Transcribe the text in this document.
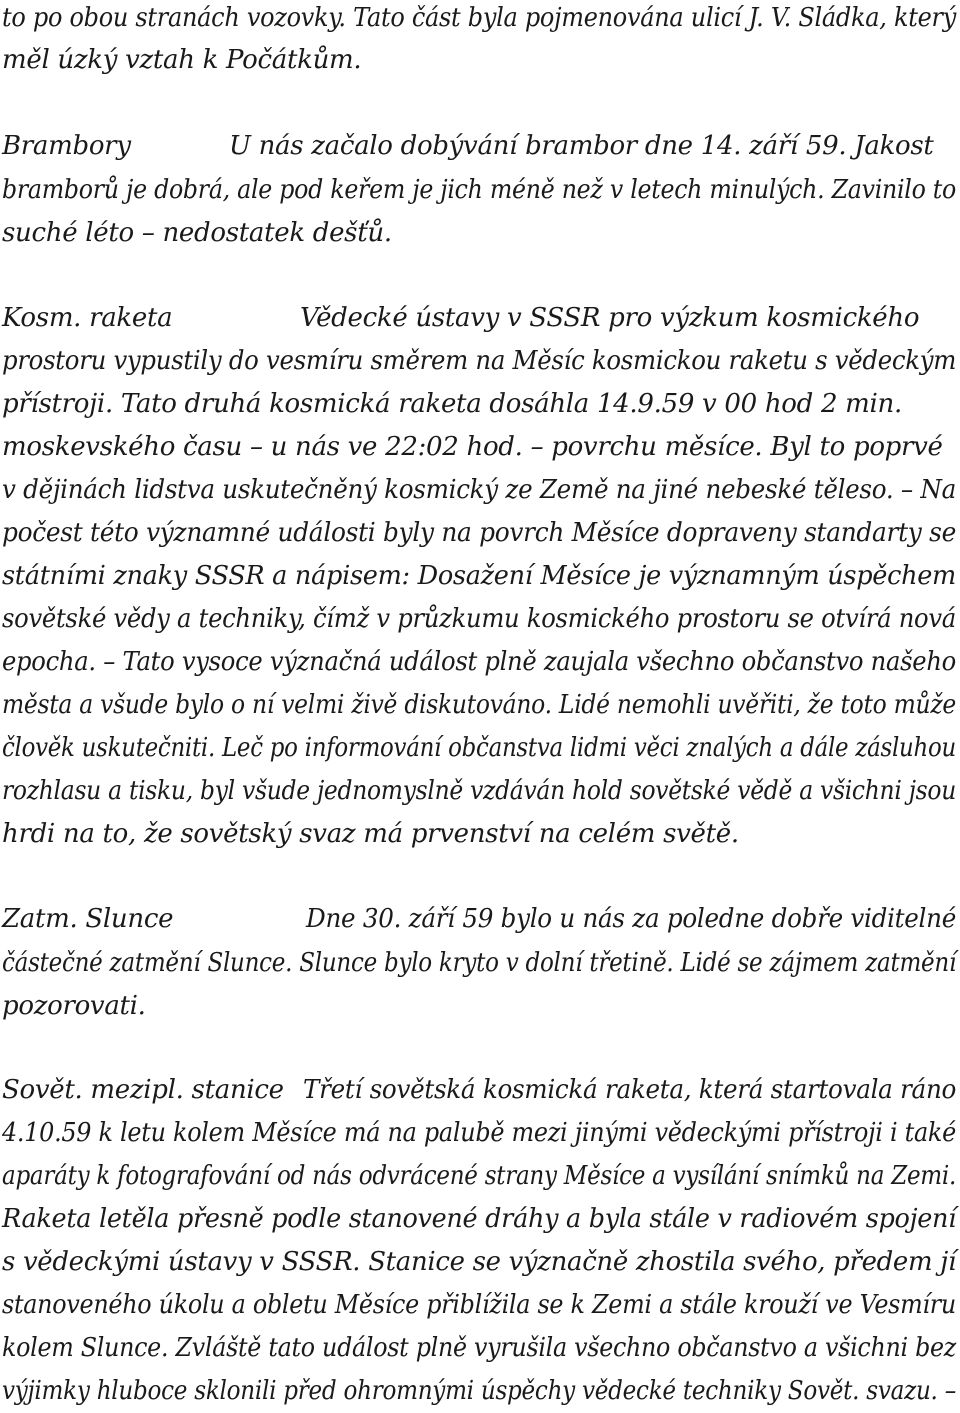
to po obou stranách vozovky. Tato část byla pojmenována ulicí J. V. Sládka, který
měl úzký vztah k Počátkům.
Brambory	U nás začalo dobývání brambor dne 14. září 59. Jakost
bramborů je dobrá, ale pod keřem je jich méně než v letech minulých. Zavinilo to
suché léto – nedostatek dešťů.
Kosm. raketa	Vědecké ústavy v SSSR pro výzkum kosmického
prostoru vypustily do vesmíru směrem na Měsíc kosmickou raketu s vědeckým
přístroji. Tato druhá kosmická raketa dosáhla 14.9.59 v 00 hod 2 min.
moskevského času – u nás ve 22:02 hod. – povrchu měsíce. Byl to poprvé
v dějinách lidstva uskutečněný kosmický ze Země na jiné nebeské těleso. – Na
počest této významné události byly na povrch Měsíce dopraveny standarty se
státními znaky SSSR a nápisem: Dosažení Měsíce je významným úspěchem
sovětské vědy a techniky, čímž v průzkumu kosmického prostoru se otvírá nová
epocha. – Tato vysoce význačná událost plně zaujala všechno občanstvo našeho
města a všude bylo o ní velmi živě diskutováno. Lidé nemohli uvěřiti, že toto může
člověk uskutečniti. Leč po informování občanstva lidmi věci znalých a dále zásluhou
rozhlasu a tisku, byl všude jednomyslně vzdáván hold sovětské vědě a všichni jsou
hrdi na to, že sovětský svaz má prvenství na celém světě.
Zatm. Slunce	Dne 30. září 59 bylo u nás za poledne dobře viditelné
částečné zatmění Slunce. Slunce bylo kryto v dolní třetině. Lidé se zájmem zatmění
pozorovati.
Sovět. mezipl. stanice Třetí sovětská kosmická raketa, která startovala ráno
4.10.59 k letu kolem Měsíce má na palubě mezi jinými vědeckými přístroji i také
aparáty k fotografování od nás odvrácené strany Měsíce a vysílání snímků na Zemi.
Raketa letěla přesně podle stanovené dráhy a byla stále v radiovém spojení
s vědeckými ústavy v SSSR. Stanice se význačně zhostila svého, předem jí
stanoveného úkolu a obletu Měsíce přiblížila se k Zemi a stále krouží ve Vesmíru
kolem Slunce. Zvláště tato událost plně vyrušila všechno občanstvo a všichni bez
výjimky hluboce sklonili před ohromnými úspěchy vědecké techniky Sovět. svazu. –
